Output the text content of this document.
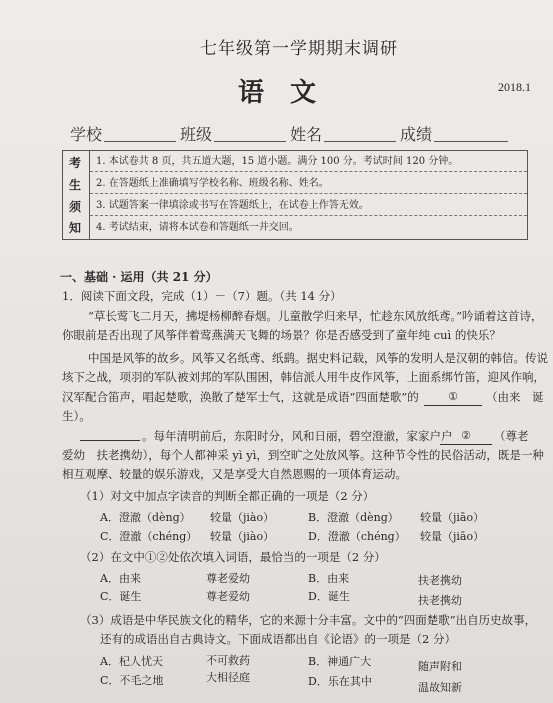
七年级第一学期期末调研
语文	2018.1
学校	班级	姓名	成绩
考
生
须
知
1. 本试卷共 8 页，共五道大题，15 道小题。满分 100 分。考试时间 120 分钟。
2. 在答题纸上准确填写学校名称、班级名称、姓名。
3. 试题答案一律填涂或书写在答题纸上，在试卷上作答无效。
4. 考试结束，请将本试卷和答题纸一并交回。
一、基础 · 运用（共 21 分）
1．阅读下面文段，完成（1）－（7）题。（共 14 分）
“草长莺飞二月天，拂堤杨柳醉春烟。儿童散学归来早，忙趁东风放纸鸢。”吟诵着这首诗，
你眼前是否出现了风筝伴着莺燕满天飞舞的场景？你是否感受到了童年纯 cuì 的快乐？
中国是风筝的故乡。风筝又名纸鸢、纸鹞。据史料记载，风筝的发明人是汉朝的韩信。传说
垓下之战，项羽的军队被刘邦的军队围困，韩信派人用牛皮作风筝，上面系绑竹笛，迎风作响，
汉军配合笛声，唱起楚歌，涣散了楚军士气，这就是成语“四面楚歌”的	①	（由来　诞
生）。
。每年清明前后，东阳时分，风和日丽，碧空澄澈，家家户户 ②	（尊老
爱幼　扶老携幼），每个人都神采 yì yì，到空旷之处放风筝。这种节令性的民俗活动，既是一种
相互观摩、较量的娱乐游戏，又是享受大自然恩赐的一项体育运动。
（1）对文中加点字读音的判断全都正确的一项是（2 分）
A．澄澈（dèng） 较量（jiào）	B．澄澈（dèng） 较量（jiāo）
C．澄澈（chéng） 较量（jiào）	D．澄澈（chéng） 较量（jiāo）
（2）在文中①②处依次填入词语，最恰当的一项是（2 分）
A．由来	尊老爱幼	B．由来	扶老携幼
C．诞生	尊老爱幼	D．诞生	扶老携幼
（3）成语是中华民族文化的精华，它的来源十分丰富。文中的“四面楚歌”出自历史故事，
还有的成语出自古典诗文。下面成语都出自《论语》的一项是（2 分）
A．杞人忧天	不可救药	B．神通广大	随声附和
C．不毛之地	大相径庭	D．乐在其中	温故知新
